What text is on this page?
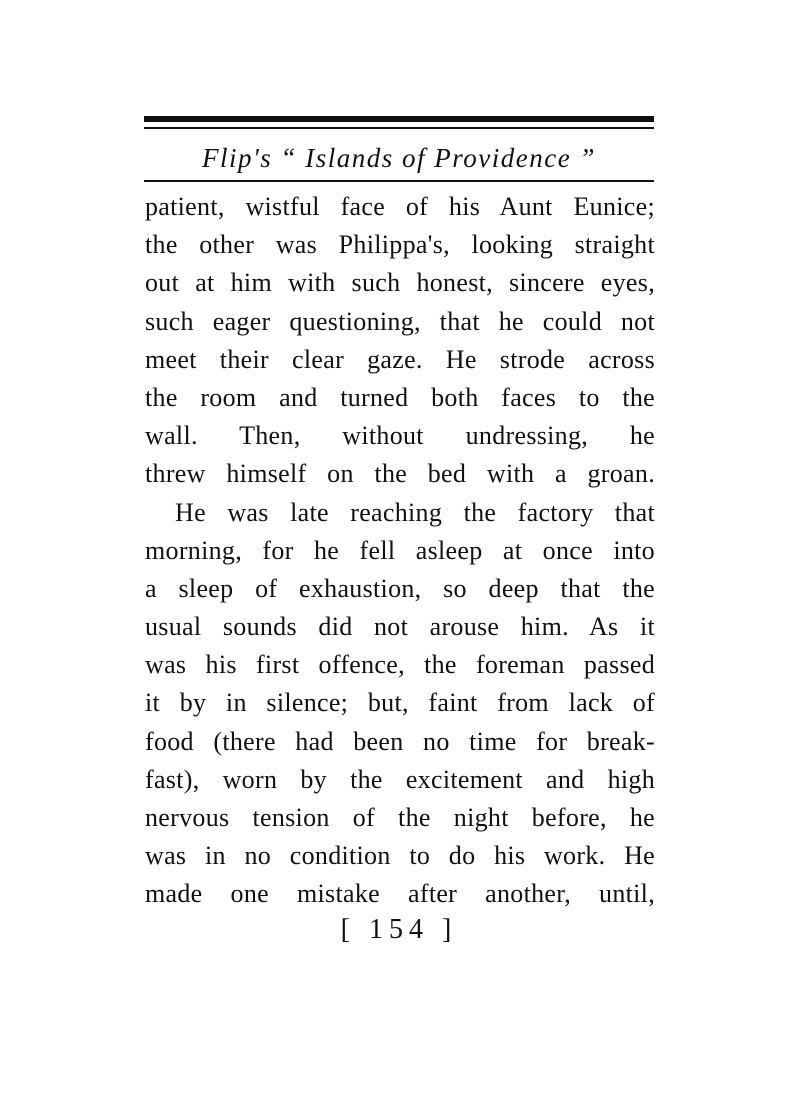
Flip's “ Islands of Providence ”
patient, wistful face of his Aunt Eunice;
the other was Philippa's, looking straight
out at him with such honest, sincere eyes,
such eager questioning, that he could not
meet their clear gaze. He strode across
the room and turned both faces to the
wall. Then, without undressing, he
threw himself on the bed with a groan.
He was late reaching the factory that
morning, for he fell asleep at once into
a sleep of exhaustion, so deep that the
usual sounds did not arouse him. As it
was his first offence, the foreman passed
it by in silence; but, faint from lack of
food (there had been no time for break-
fast), worn by the excitement and high
nervous tension of the night before, he
was in no condition to do his work. He
made one mistake after another, until,
[ 154 ]
